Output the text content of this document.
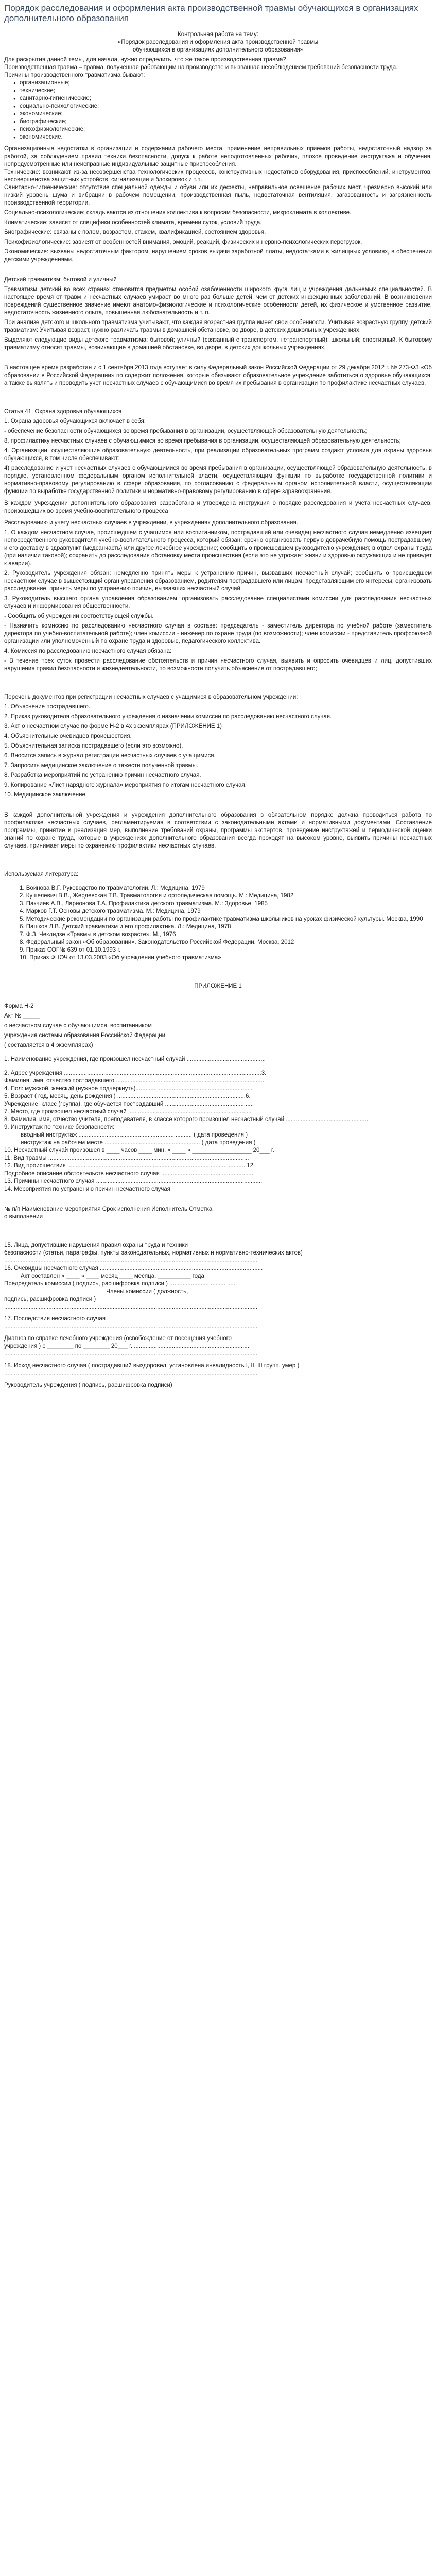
Порядок расследования и оформления акта производственной травмы обучающихся в организациях дополнительного образования

Контрольная работа на тему:

«Порядок расследования и оформления акта производственной травмы

обучающихся в организациях дополнительного образования»

Для раскрытия данной темы, для начала, нужно определить, что же такое производственная травма?

Производственная травма – травма, полученная работающим на производстве и вызванная несоблюдением требований безопасности труда.

Причины производственного травматизма бывают:

● организационные;
● технические;
● санитарно-гигиенические;
● социально-психологические;
● экономические;
● биографические;
● психофизиологические;
● экономические.

Организационные недостатки в организации и содержании рабочего места, применение неправильных приемов работы, недостаточный надзор за работой, за соблюдением правил техники безопасности, допуск к работе неподготовленных рабочих, плохое проведение инструктажа и обучения, непредусмотренные или неисправные индивидуальные защитные приспособления.

Технические: возникают из-за несовершенства технологических процессов, конструктивных недостатков оборудования, приспособлений, инструментов, несовершенства защитных устройств, сигнализации и блокировок и т.п.

Санитарно-гигиенические: отсутствие специальной одежды и обуви или их дефекты, неправильное освещение рабочих мест, чрезмерно высокий или низкий уровень шума и вибрации в рабочем помещении, производственная пыль, недостаточная вентиляция, загазованность и загрязненность производственной территории.

Социально-психологические: складываются из отношения коллектива к вопросам безопасности, микроклимата в коллективе.

Климатические: зависят от специфики особенностей климата, времени суток, условий труда.

Биографические: связаны с полом, возрастом, стажем, квалификацией, состоянием здоровья.

Психофизиологические: зависят от особенностей внимания, эмоций, реакций, физических и нервно-психологических перегрузок.

Экономические: вызваны недостаточным фактором, нарушением сроков выдачи заработной платы, недостатками в жилищных условиях, в обеспечении детскими учреждениями.

Детский травматизм: бытовой и уличный

Травматизм детский во всех странах становится предметом особой озабоченности широкого круга лиц и учреждения дальнемых специальностей. В настоящее время от травм и несчастных случаев умирает во много раз больше детей, чем от детских инфекционных заболеваний. В возникновении повреждений существенное значение имеют анатомо-физиологические и психологические особенности детей, их физическое и умственное развитие, недостаточность жизненного опыта, повышенная любознательность и т. п.

При анализе детского и школьного травматизма учитывают, что каждая возрастная группа имеет свои особенности. Учитывая возрастную группу, детский травматизм: Учитывая возраст, нужно различать травмы в домашней обстановке, во дворе, в детских дошкольных учреждениях.

Выделяют следующие виды детского травматизма: бытовой; уличный (связанный с транспортом, нетранспортный); школьный; спортивный. К бытовому травматизму относят травмы, возникающие в домашней обстановке, во дворе, в детских дошкольных учреждениях.

В настоящее время разработан и с 1 сентября 2013 года вступает в силу Федеральный закон Российской Федерации от 29 декабря 2012 г. № 273-ФЗ «Об образовании в Российской Федерации» по содержит положения, которые обязывают образовательное учреждение заботиться о здоровье обучающихся, а также выявлять и проводить учет несчастных случаев с обучающимися во время их пребывания в организации по профилактике несчастных случаев.

Статья 41. Охрана здоровья обучающихся

1. Охрана здоровья обучающихся включает в себя:

- обеспечение безопасности обучающихся во время пребывания в организации, осуществляющей образовательную деятельность;

8. профилактику несчастных случаев с обучающимися во время пребывания в организации, осуществляющей образовательную деятельность;

4. Организации, осуществляющие образовательную деятельность, при реализации образовательных программ создают условия для охраны здоровья обучающихся, в том числе обеспечивают:

4) расследование и учет несчастных случаев с обучающимися во время пребывания в организации, осуществляющей образовательную деятельность, в порядке, установленном федеральным органом исполнительной власти, осуществляющим функции по выработке государственной политики и нормативно-правовому регулированию в сфере образования, по согласованию с федеральным органом исполнительной власти, осуществляющим функции по выработке государственной политики и нормативно-правовому регулированию в сфере здравоохранения.

В каждом учреждении дополнительного образования разработана и утверждена инструкция о порядке расследования и учета несчастных случаев, произошедших во время учебно-воспитательного процесса

Расследованию и учету несчастных случаев в учреждении, в учреждениях дополнительного образования.

1. О каждом несчастном случае, происшедшем с учащимся или воспитанником, пострадавший или очевидец несчастного случая немедленно извещает непосредственного руководителя учебно-воспитательного процесса, который обязан: срочно организовать первую доврачебную помощь пострадавшему и его доставку в здравпункт (медсанчасть) или другое лечебное учреждение; сообщить о происшедшем руководителю учреждения; в отдел охраны труда (при наличии таковой); сохранить до расследования обстановку места происшествия (если это не угрожает жизни и здоровью окружающих и не приведет к аварии).

2. Руководитель учреждения обязан: немедленно принять меры к устранению причин, вызвавших несчастный случай; сообщить о происшедшем несчастном случае в вышестоящий орган управления образованием, родителям пострадавшего или лицам, представляющим его интересы; организовать расследование, принять меры по устранению причин, вызвавших несчастный случай.

3. Руководитель высшего органа управления образованием, организовать расследование специалистами комиссии для расследования несчастных случаев и информирования общественности.

- Сообщить об учреждении соответствующей службы.

- Назначить комиссию по расследованию несчастного случая в составе: председатель - заместитель директора по учебной работе (заместитель директора по учебно-воспитательной работе); член комиссии - инженер по охране труда (по возможности); член комиссии - представитель профсоюзной организации или уполномоченный по охране труда и здоровью, педагогического коллектива.

4. Комиссия по расследованию несчастного случая обязана:

- В течение трех суток провести расследование обстоятельств и причин несчастного случая, выявить и опросить очевидцев и лиц, допустивших нарушения правил безопасности и жизнедеятельности, по возможности получить объяснение от пострадавшего;

Перечень документов при регистрации несчастных случаев с учащимися в образовательном учреждении:

1. Объяснение пострадавшего.

2. Приказ руководителя образовательного учреждения о назначении комиссии по расследованию несчастного случая.

3. Акт о несчастном случае по форме Н-2 в 4х экземплярах (ПРИЛОЖЕНИЕ 1)

4. Объяснительные очевидцев происшествия.

5. Объяснительная записка пострадавшего (если это возможно).

6. Вносится запись в журнал регистрации несчастных случаев с учащимися.

7. Запросить медицинское заключение о тяжести полученной травмы.

8. Разработка мероприятий по устранению причин несчастного случая.

9. Копирование «Лист нарядного журнала» мероприятия по итогам несчастного случая.

10. Медицинское заключение.

В каждой дополнительной учреждения и учреждения дополнительного образования в обязательном порядке должна проводиться работа по профилактике несчастных случаев, регламентируемая в соответствии с законодательными актами и нормативными документами. Составление программы, принятие и реализация мер, выполнение требований охраны, программы экспертов, проведение инструктажей и периодической оценки знаний по охране труда, которые в учреждениях дополнительного образования всегда проходят на высоком уровне, выявить причины несчастных случаев, принимает меры по охранению профилактики несчастных случаев.

Используемая литература:

1. Войнова В.Г. Руководство по травматологии. Л.: Медицина, 1979

2. Кушелевич В.В., Жердевская Т.В. Травматология и ортопедическая помощь. М.: Медицина, 1982

3. Пакчиев А.В., Ларионова Т.А. Профилактика детского травматизма. М.: Здоровье, 1985

4. Марков Г.Т. Основы детского травматизма. М.: Медицина, 1979

5. Методические рекомендации по организации работы по профилактике травматизма школьников на уроках физической культуры. Москва, 1990

6. Пашков Л.В. Детский травматизм и его профилактика. Л.: Медицина, 1978

7. Ф.З. Чеклидзе «Травмы в детском возрасте». М., 1976

8. Федеральный закон «Об образовании». Законодательство Российской Федерации. Москва, 2012

9. Приказ СОГ№ 639 от 01.10.1993 г.

10. Приказ ФНОЧ от 13.03.2003 «Об учреждении учебного травматизма»

ПРИЛОЖЕНИЕ 1

Форма Н-2

Акт № _____

о несчастном случае с обучающимся, воспитанником

учреждения системы образования Российской Федерации

( составляется в 4 экземплярах)

1. Наименование учреждения, где произошел несчастный случай ................................................

2. Адрес учреждения ........................................................................................................................3.

Фамилия, имя, отчество пострадавшего ..........................................................................................

4. Пол: мужской, женский (нужное подчеркнуть).......................................................................

5. Возраст ( год, месяц, день рождения ) ..............................................................................6.

Учреждение, класс (группа), где обучается пострадавший ......................................................

7. Место, где произошел несчастный случай ...........................................................................

8. Фамилия, имя, отчество учителя, преподавателя, в классе которого произошел несчастный случай ..................................................

9. Инструктаж по технике безопасности:

вводный инструктаж ..................................................................... ( дата проведения )

инструктаж на рабочем месте .......................................................... ( дата проведения )

10. Несчастный случай произошел в ____ часов ____ мин. « ____ » __________________ 20___ г.

11. Вид травмы ..........................................................................................................................

12. Вид происшествия .............................................................................................................12.

Подробное описание обстоятельств несчастного случая .........................................................

13. Причины несчастного случая .....................................................................................................

14. Мероприятия по устранению причин несчастного случая

№ п/п Наименование мероприятия Срок исполнения Исполнитель Отметка

о выполнении

15. Лица, допустившие нарушения правил охраны труда и техники

безопасности (статьи, параграфы, пункты законодательных, нормативных и нормативно-технических актов)

..........................................................................................................................................................

16. Очевидцы несчастного случая ...................................................................................................

Акт составлен « ____ » ____ месяц ____ месяца, __________ года.

Председатель комиссии ( подпись, расшифровка подписи ) .........................................

Члены комиссии ( должность,

подпись, расшифровка подписи )

..........................................................................................................................................................

17. Последствия несчастного случая

..........................................................................................................................................................

Диагноз по справке лечебного учреждения (освобождение от посещения учебного

учреждения ) с ________ по ________ 20___ г. .......................................................................

..........................................................................................................................................................

18. Исход несчастного случая ( пострадавший выздоровел, установлена инвалидность I, II, III групп, умер )

..........................................................................................................................................................

Руководитель учреждения ( подпись, расшифровка подписи)
